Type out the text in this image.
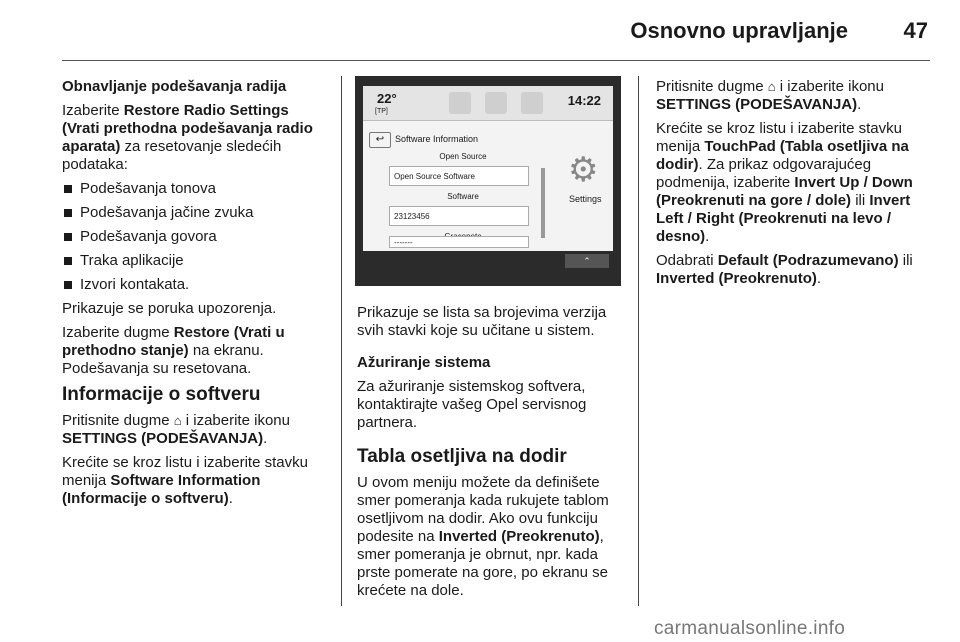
Osnovno upravljanje	47

Obnavljanje podešavanja radija

Izaberite Restore Radio Settings (Vrati prethodna podešavanja radio aparata) za resetovanje sledećih podataka:

Podešavanja tonova

Podešavanja jačine zvuka

Podešavanja govora

Traka aplikacije

Izvori kontakata.

Prikazuje se poruka upozorenja.

Izaberite dugme Restore (Vrati u prethodno stanje) na ekranu.
Podešavanja su resetovana.

Informacije o softveru

Pritisnite dugme ⌂ i izaberite ikonu SETTINGS (PODEŠAVANJA).

Krećite se kroz listu i izaberite stavku menija Software Information (Informacije o softveru).

22°
[TP]
14:22
↩	Software Information
Open Source
Open Source Software
Software
23123456
⚙
Settings
-------
⌃

Prikazuje se lista sa brojevima verzija svih stavki koje su učitane u sistem.

Ažuriranje sistema

Za ažuriranje sistemskog softvera, kontaktirajte vašeg Opel servisnog partnera.

Tabla osetljiva na dodir

U ovom meniju možete da definišete smer pomeranja kada rukujete tablom osetljivom na dodir. Ako ovu funkciju podesite na Inverted (Preokrenuto), smer pomeranja je obrnut, npr. kada prste pomerate na gore, po ekranu se krećete na dole.

Pritisnite dugme ⌂ i izaberite ikonu SETTINGS (PODEŠAVANJA).

Krećite se kroz listu i izaberite stavku menija TouchPad (Tabla osetljiva na dodir). Za prikaz odgovarajućeg podmenija, izaberite Invert Up / Down (Preokrenuti na gore / dole) ili Invert Left / Right (Preokrenuti na levo / desno).

Odabrati Default (Podrazumevano) ili Inverted (Preokrenuto).

carmanualsonline.info
